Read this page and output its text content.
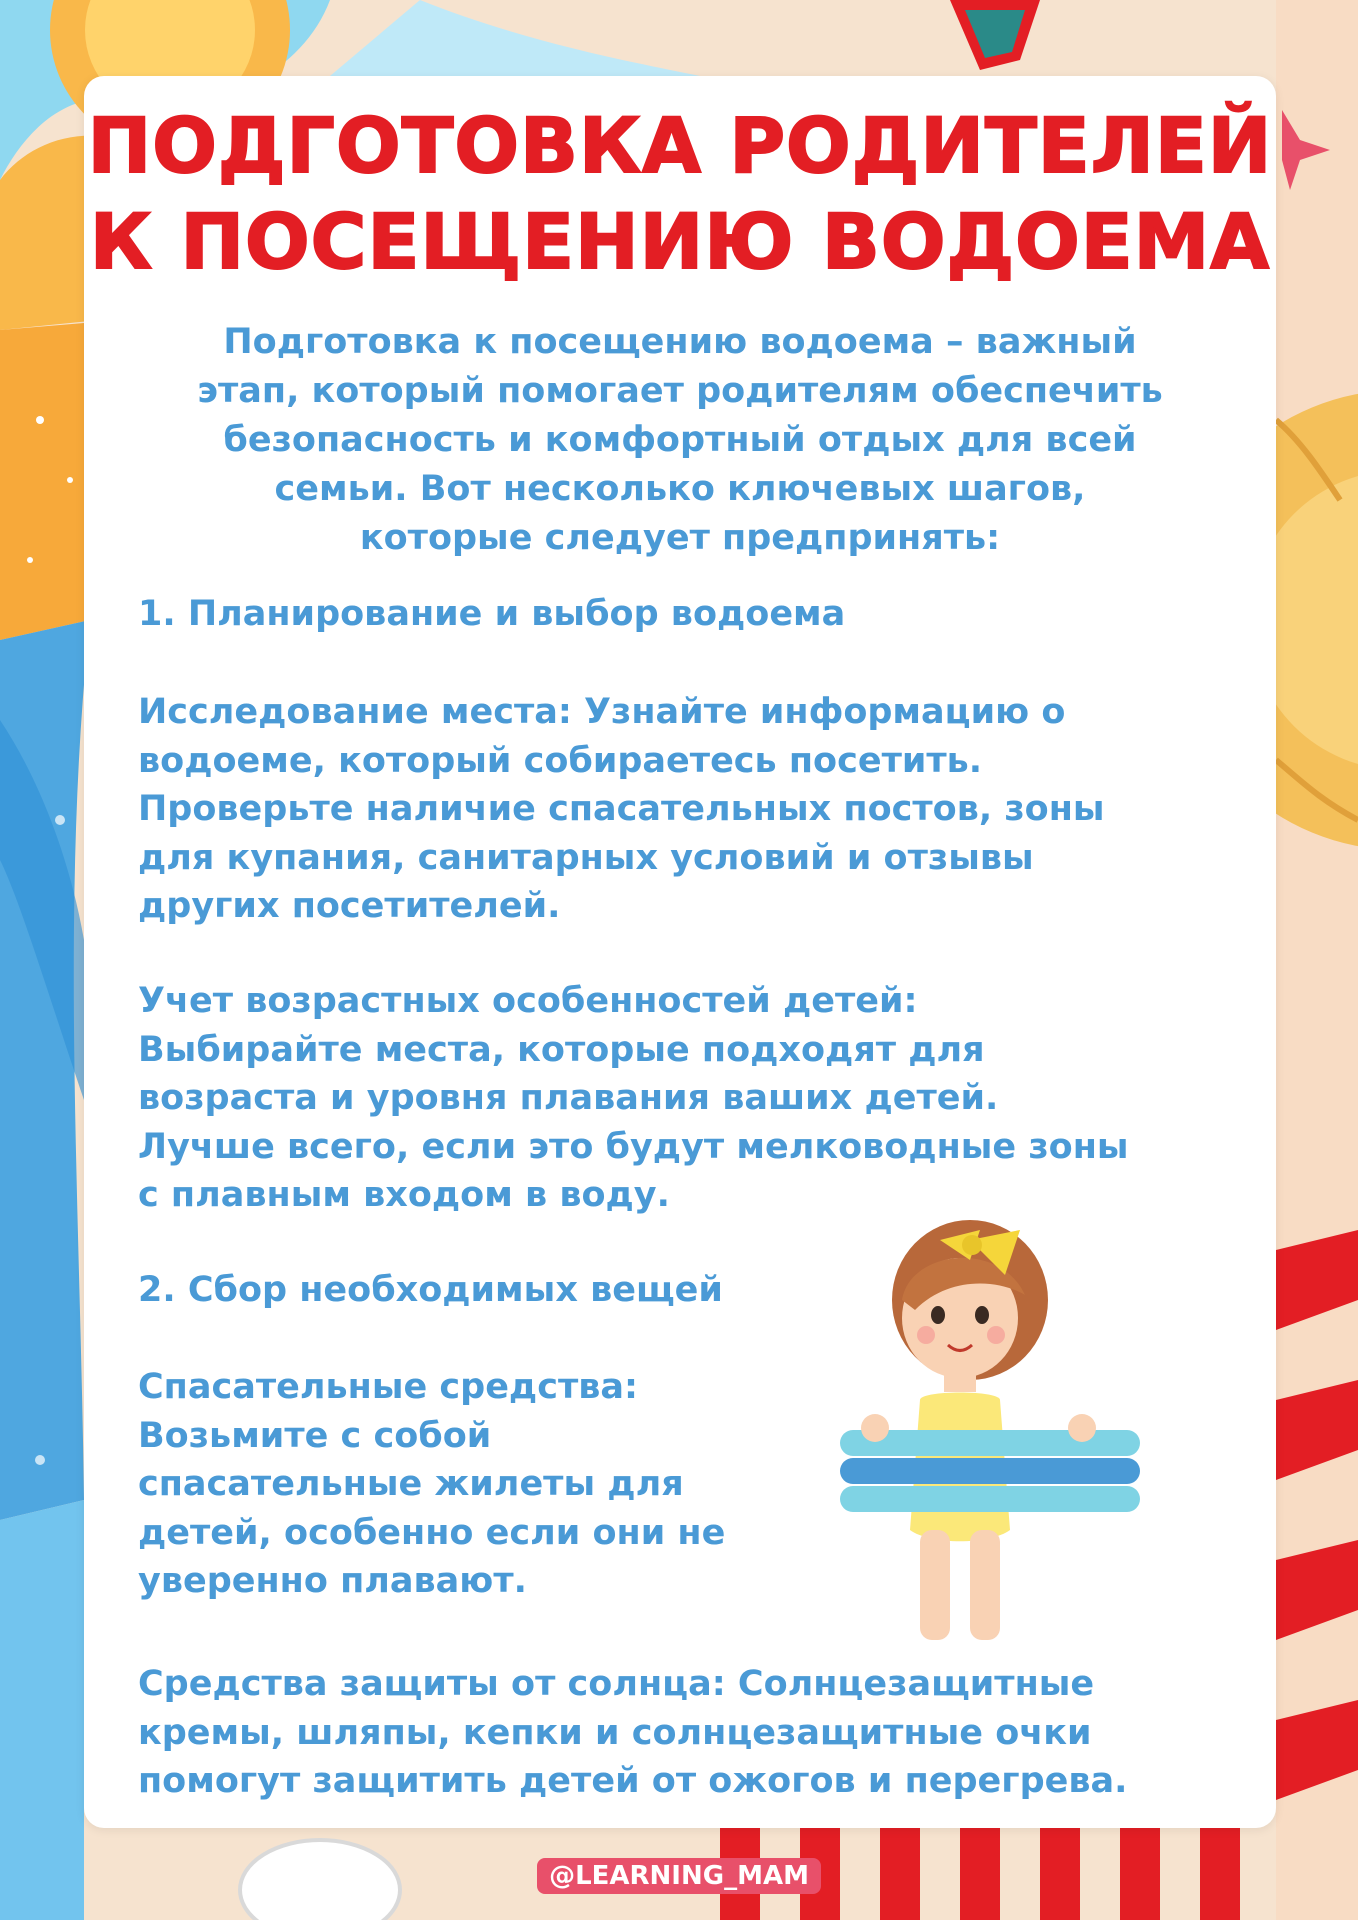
ПОДГОТОВКА РОДИТЕЛЕЙ
К ПОСЕЩЕНИЮ ВОДОЕМА
Подготовка к посещению водоема – важный
этап, который помогает родителям обеспечить
безопасность и комфортный отдых для всей
семьи. Вот несколько ключевых шагов,
которые следует предпринять:
1. Планирование и выбор водоема
Исследование места: Узнайте информацию о
водоеме, который собираетесь посетить.
Проверьте наличие спасательных постов, зоны
для купания, санитарных условий и отзывы
других посетителей.
Учет возрастных особенностей детей:
Выбирайте места, которые подходят для
возраста и уровня плавания ваших детей.
Лучше всего, если это будут мелководные зоны
с плавным входом в воду.
2. Сбор необходимых вещей
Спасательные средства:
Возьмите с собой
спасательные жилеты для
детей, особенно если они не
уверенно плавают.
Средства защиты от солнца: Солнцезащитные
кремы, шляпы, кепки и солнцезащитные очки
помогут защитить детей от ожогов и перегрева.
@LEARNING_MAM
